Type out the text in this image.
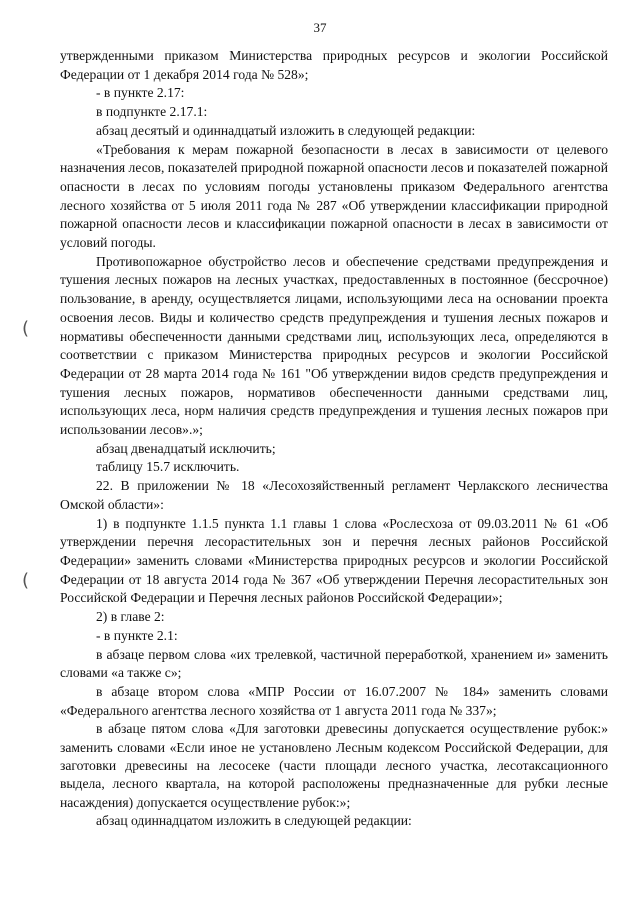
37
(
(

утвержденными приказом Министерства природных ресурсов и экологии Российской Федерации от 1 декабря 2014 года № 528»;

- в пункте 2.17:

в подпункте 2.17.1:

абзац десятый и одиннадцатый изложить в следующей редакции:

«Требования к мерам пожарной безопасности в лесах в зависимости от целевого назначения лесов, показателей природной пожарной опасности лесов и показателей пожарной опасности в лесах по условиям погоды установлены приказом Федерального агентства лесного хозяйства от 5 июля 2011 года № 287 «Об утверждении классификации природной пожарной опасности лесов и классификации пожарной опасности в лесах в зависимости от условий погоды.

Противопожарное обустройство лесов и обеспечение средствами предупреждения и тушения лесных пожаров на лесных участках, предоставленных в постоянное (бессрочное) пользование, в аренду, осуществляется лицами, использующими леса на основании проекта освоения лесов. Виды и количество средств предупреждения и тушения лесных пожаров и нормативы обеспеченности данными средствами лиц, использующих леса, определяются в соответствии с приказом Министерства природных ресурсов и экологии Российской Федерации от 28 марта 2014 года № 161 "Об утверждении видов средств предупреждения и тушения лесных пожаров, нормативов обеспеченности данными средствами лиц, использующих леса, норм наличия средств предупреждения и тушения лесных пожаров при использовании лесов».»;

абзац двенадцатый исключить;

таблицу 15.7 исключить.

22. В приложении № 18 «Лесохозяйственный регламент Черлакского лесничества Омской области»:

1) в подпункте 1.1.5 пункта 1.1 главы 1 слова «Рослесхоза от 09.03.2011 № 61 «Об утверждении перечня лесорастительных зон и перечня лесных районов Российской Федерации» заменить словами «Министерства природных ресурсов и экологии Российской Федерации от 18 августа 2014 года № 367 «Об утверждении Перечня лесорастительных зон Российской Федерации и Перечня лесных районов Российской Федерации»;

2) в главе 2:

- в пункте 2.1:

в абзаце первом слова «их трелевкой, частичной переработкой, хранением и» заменить словами «а также с»;

в абзаце втором слова «МПР России от 16.07.2007 № 184» заменить словами «Федерального агентства лесного хозяйства от 1 августа 2011 года № 337»;

в абзаце пятом слова «Для заготовки древесины допускается осуществление рубок:» заменить словами «Если иное не установлено Лесным кодексом Российской Федерации, для заготовки древесины на лесосеке (части площади лесного участка, лесотаксационного выдела, лесного квартала, на которой расположены предназначенные для рубки лесные насаждения) допускается осуществление рубок:»;

абзац одиннадцатом изложить в следующей редакции:
